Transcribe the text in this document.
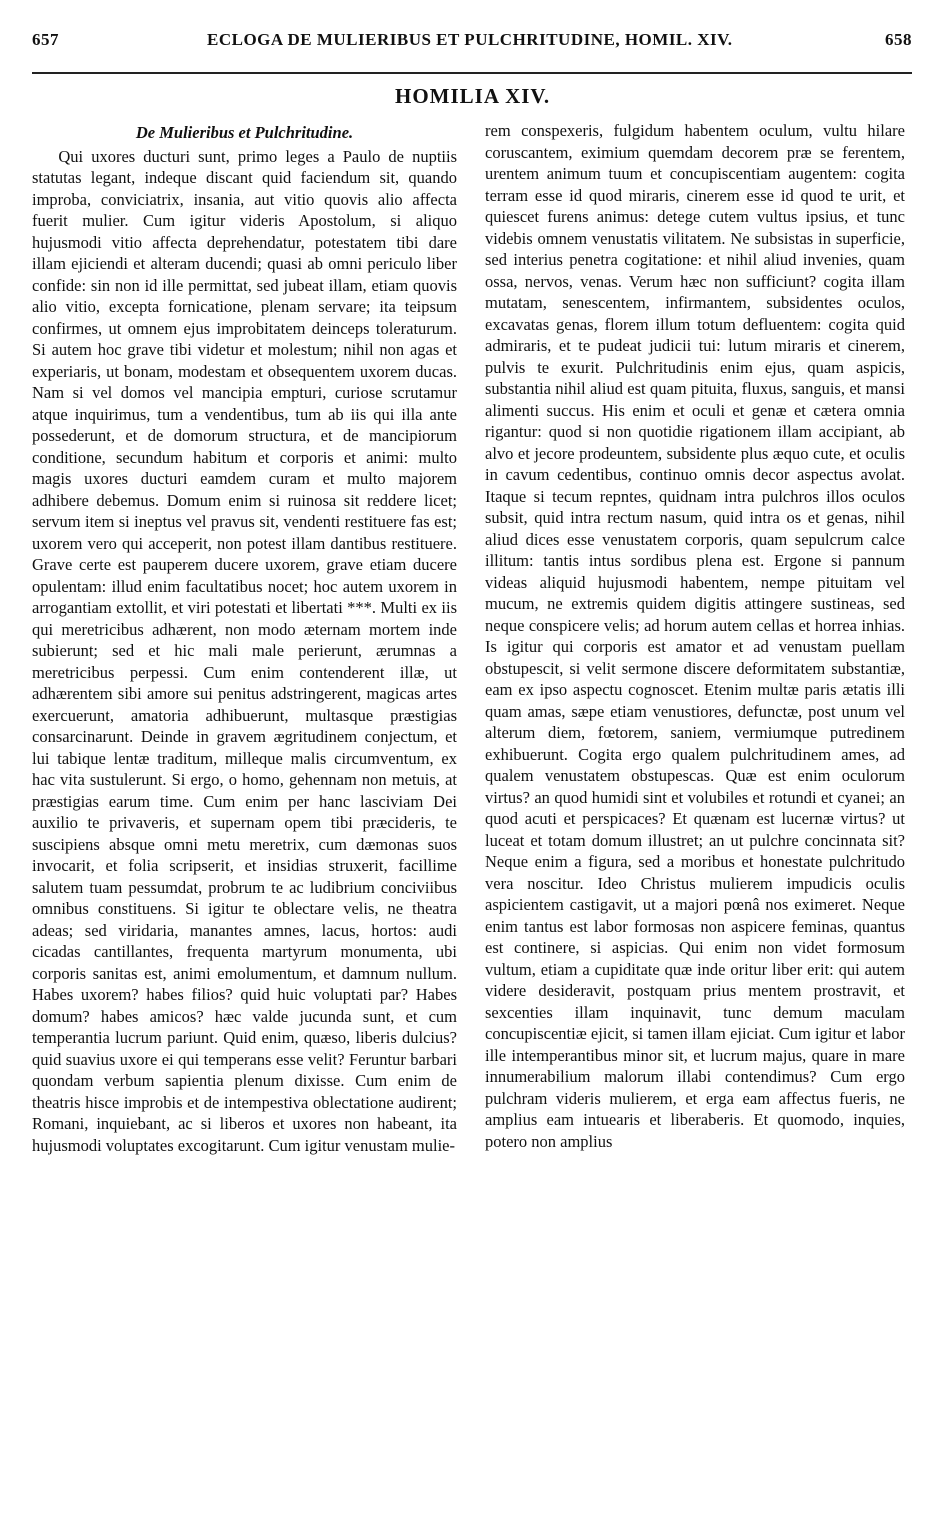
657	ECLOGA DE MULIERIBUS ET PULCHRITUDINE, HOMIL. XIV.	658
HOMILIA XIV.
De Mulieribus et Pulchritudine.

Qui uxores ducturi sunt, primo leges a Paulo de nuptiis statutas legant, indeque discant quid faciendum sit, quando improba, conviciatrix, insania, aut vitio quovis alio affecta fuerit mulier. Cum igitur videris Apostolum, si aliquo hujusmodi vitio affecta deprehendatur, potestatem tibi dare illam ejiciendi et alteram ducendi; quasi ab omni periculo liber confide: sin non id ille permittat, sed jubeat illam, etiam quovis alio vitio, excepta fornicatione, plenam servare; ita teipsum confirmes, ut omnem ejus improbitatem deinceps toleraturum. Si autem hoc grave tibi videtur et molestum; nihil non agas et experiaris, ut bonam, modestam et obsequentem uxorem ducas. Nam si vel domos vel mancipia empturi, curiose scrutamur atque inquirimus, tum a vendentibus, tum ab iis qui illa ante possederunt, et de domorum structura, et de mancipiorum conditione, secundum habitum et corporis et animi: multo magis uxores ducturi eamdem curam et multo majorem adhibere debemus. Domum enim si ruinosa sit reddere licet; servum item si ineptus vel pravus sit, vendenti restituere fas est; uxorem vero qui acceperit, non potest illam dantibus restituere. Grave certe est pauperem ducere uxorem, grave etiam ducere opulentam: illud enim facultatibus nocet; hoc autem uxorem in arrogantiam extollit, et viri potestati et libertati ***. Multi ex iis qui meretricibus adhærent, non modo æternam mortem inde subierunt; sed et hic mali male perierunt, ærumnas a meretricibus perpessi. Cum enim contenderent illæ, ut adhærentem sibi amore sui penitus adstringerent, magicas artes exercuerunt, amatoria adhibuerunt, multasque præstigias consarcinarunt. Deinde in gravem ægritudinem conjectum, et lui tabique lentæ traditum, milleque malis circumventum, ex hac vita sustulerunt. Si ergo, o homo, gehennam non metuis, at præstigias earum time. Cum enim per hanc lasciviam Dei auxilio te privaveris, et supernam opem tibi præcideris, te suscipiens absque omni metu meretrix, cum dæmonas suos invocarit, et folia scripserit, et insidias struxerit, facillime salutem tuam pessumdat, probrum te ac ludibrium conciviibus omnibus constituens. Si igitur te oblectare velis, ne theatra adeas; sed viridaria, manantes amnes, lacus, hortos: audi cicadas cantillantes, frequenta martyrum monumenta, ubi corporis sanitas est, animi emolumentum, et damnum nullum. Habes uxorem? habes filios? quid huic voluptati par? Habes domum? habes amicos? hæc valde jucunda sunt, et cum temperantia lucrum pariunt. Quid enim, quæso, liberis dulcius? quid suavius uxore ei qui temperans esse velit? Feruntur barbari quondam verbum sapientia plenum dixisse. Cum enim de theatris hisce improbis et de intempestiva oblectatione audirent; Romani, inquiebant, ac si liberos et uxores non habeant, ita hujusmodi voluptates excogitarunt. Cum igitur venustam mulie-

rem conspexeris, fulgidum habentem oculum, vultu hilare coruscantem, eximium quemdam decorem præ se ferentem, urentem animum tuum et concupiscentiam augentem: cogita terram esse id quod miraris, cinerem esse id quod te urit, et quiescet furens animus: detege cutem vultus ipsius, et tunc videbis omnem venustatis vilitatem. Ne subsistas in superficie, sed interius penetra cogitatione: et nihil aliud invenies, quam ossa, nervos, venas. Verum hæc non sufficiunt? cogita illam mutatam, senescentem, infirmantem, subsidentes oculos, excavatas genas, florem illum totum defluentem: cogita quid admiraris, et te pudeat judicii tui: lutum miraris et cinerem, pulvis te exurit. Pulchritudinis enim ejus, quam aspicis, substantia nihil aliud est quam pituita, fluxus, sanguis, et mansi alimenti succus. His enim et oculi et genæ et cætera omnia rigantur: quod si non quotidie rigationem illam accipiant, ab alvo et jecore prodeuntem, subsidente plus æquo cute, et oculis in cavum cedentibus, continuo omnis decor aspectus avolat. Itaque si tecum repntes, quidnam intra pulchros illos oculos subsit, quid intra rectum nasum, quid intra os et genas, nihil aliud dices esse venustatem corporis, quam sepulcrum calce illitum: tantis intus sordibus plena est. Ergone si pannum videas aliquid hujusmodi habentem, nempe pituitam vel mucum, ne extremis quidem digitis attingere sustineas, sed neque conspicere velis; ad horum autem cellas et horrea inhias. Is igitur qui corporis est amator et ad venustam puellam obstupescit, si velit sermone discere deformitatem substantiæ, eam ex ipso aspectu cognoscet. Etenim multæ paris ætatis illi quam amas, sæpe etiam venustiores, defunctæ, post unum vel alterum diem, fœtorem, saniem, vermiumque putredinem exhibuerunt. Cogita ergo qualem pulchritudinem ames, ad qualem venustatem obstupescas. Quæ est enim oculorum virtus? an quod humidi sint et volubiles et rotundi et cyanei; an quod acuti et perspicaces? Et quænam est lucernæ virtus? ut luceat et totam domum illustret; an ut pulchre concinnata sit? Neque enim a figura, sed a moribus et honestate pulchritudo vera noscitur. Ideo Christus mulierem impudicis oculis aspicientem castigavit, ut a majori pœnâ nos eximeret. Neque enim tantus est labor formosas non aspicere feminas, quantus est continere, si aspicias. Qui enim non videt formosum vultum, etiam a cupiditate quæ inde oritur liber erit: qui autem videre desideravit, postquam prius mentem prostravit, et sexcenties illam inquinavit, tunc demum maculam concupiscentiæ ejicit, si tamen illam ejiciat. Cum igitur et labor ille intemperantibus minor sit, et lucrum majus, quare in mare innumerabilium malorum illabi contendimus? Cum ergo pulchram videris mulierem, et erga eam affectus fueris, ne amplius eam intuearis et liberaberis. Et quomodo, inquies, potero non amplius
